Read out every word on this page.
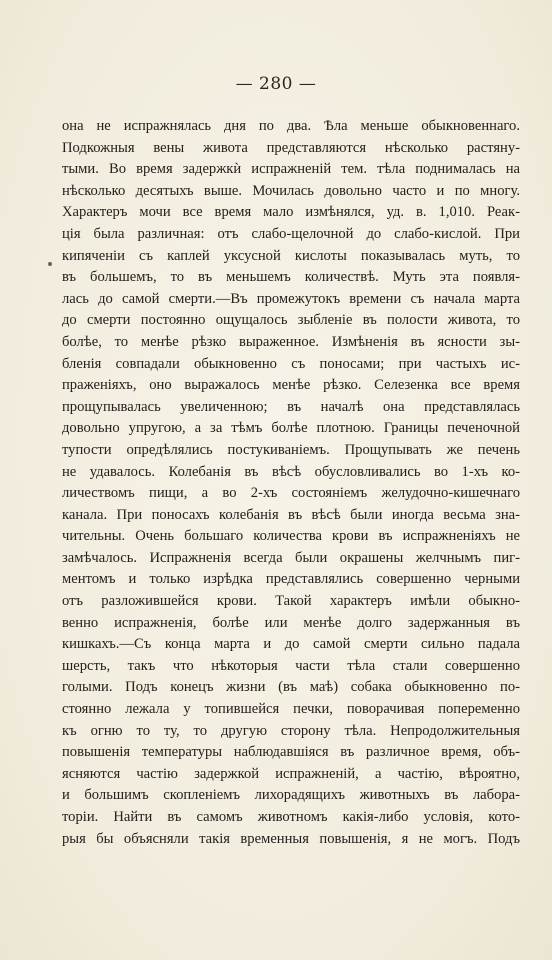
— 280 —
она не испражнялась дня по два. Ѣла меньше обыкновеннаго.
Подкожныя вены живота представляются нѣсколько растяну-
тыми. Во время задержкѝ испражненій тем. тѣла поднималась на
нѣсколько десятыхъ выше. Мочилась довольно часто и по многу.
Характеръ мочи все время мало измѣнялся, уд. в. 1,010. Реак-
ція была различная: отъ слабо-щелочной до слабо-кислой. При
кипяченіи съ каплей уксусной кислоты показывалась муть, то
въ большемъ, то въ меньшемъ количествѣ. Муть эта появля-
лась до самой смерти.—Въ промежутокъ времени съ начала марта
до смерти постоянно ощущалось зыбленіе въ полости живота, то
болѣе, то менѣе рѣзко выраженное. Измѣненія въ ясности зы-
бленія совпадали обыкновенно съ поносами; при частыхъ ис-
праженіяхъ, оно выражалось менѣе рѣзко. Селезенка все время
прощупывалась увеличенною; въ началѣ она представлялась
довольно упругою, а за тѣмъ болѣе плотною. Границы печеночной
тупости опредѣлялись постукиваніемъ. Прощупывать же печень
не удавалось. Колебанія въ вѣсѣ обусловливались во 1-хъ ко-
личествомъ пищи, а во 2-хъ состояніемъ желудочно-кишечнаго
канала. При поносахъ колебанія въ вѣсѣ были иногда весьма зна-
чительны. Очень большаго количества крови въ испражненіяхъ не
замѣчалось. Испражненія всегда были окрашены желчнымъ пиг-
ментомъ и только изрѣдка представлялись совершенно черными
отъ разложившейся крови. Такой характеръ имѣли обыкно-
венно испражненія, болѣе или менѣе долго задержанныя въ
кишкахъ.—Съ конца марта и до самой смерти сильно падала
шерсть, такъ что нѣкоторыя части тѣла стали совершенно
голыми. Подъ конецъ жизни (въ маѣ) собака обыкновенно по-
стоянно лежала у топившейся печки, поворачивая попеременно
къ огню то ту, то другую сторону тѣла. Непродолжительныя
повышенія температуры наблюдавшіяся въ различное время, объ-
ясняются частію задержкой испражненій, а частію, вѣроятно,
и большимъ скопленіемъ лихорадящихъ животныхъ въ лабора-
торіи. Найти въ самомъ животномъ какія-либо условія, кото-
рыя бы объясняли такія временныя повышенія, я не могъ. Подъ
